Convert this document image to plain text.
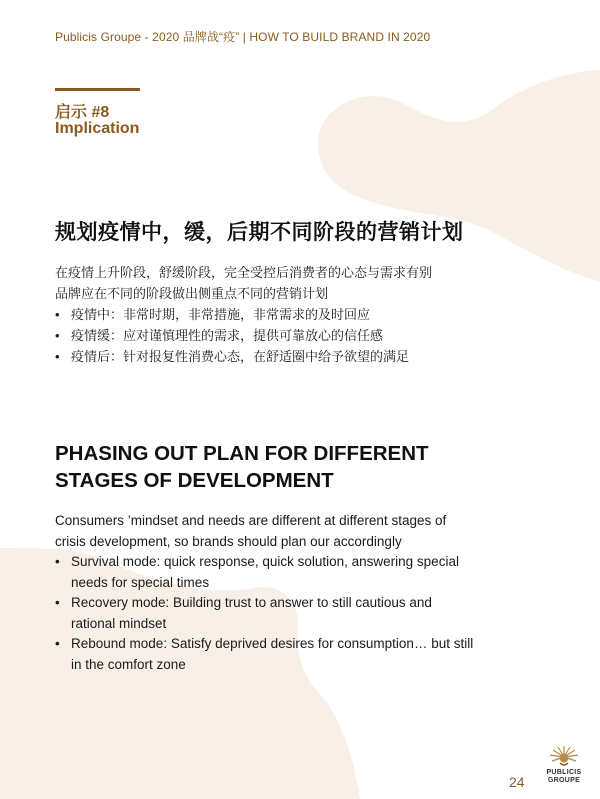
Publicis Groupe - 2020 品牌战“疫” | HOW TO BUILD BRAND IN 2020
启示 #8
Implication
规划疫情中，缓，后期不同阶段的营销计划

在疫情上升阶段，舒缓阶段，完全受控后消费者的心态与需求有别

品牌应在不同的阶段做出侧重点不同的营销计划

• 疫情中：非常时期，非常措施，非常需求的及时回应
• 疫情缓：应对谨慎理性的需求，提供可靠放心的信任感
• 疫情后：针对报复性消费心态，在舒适圈中给予欲望的满足
PHASING OUT PLAN FOR DIFFERENT
STAGES OF DEVELOPMENT

Consumers ’mindset and needs are different at different stages of

crisis development, so brands should plan our accordingly

• Survival mode: quick response, quick solution, answering special
needs for special times
• Recovery mode: Building trust to answer to still cautious and
rational mindset
• Rebound mode: Satisfy deprived desires for consumption… but still
in the comfort zone
24
PUBLICIS
GROUPE
